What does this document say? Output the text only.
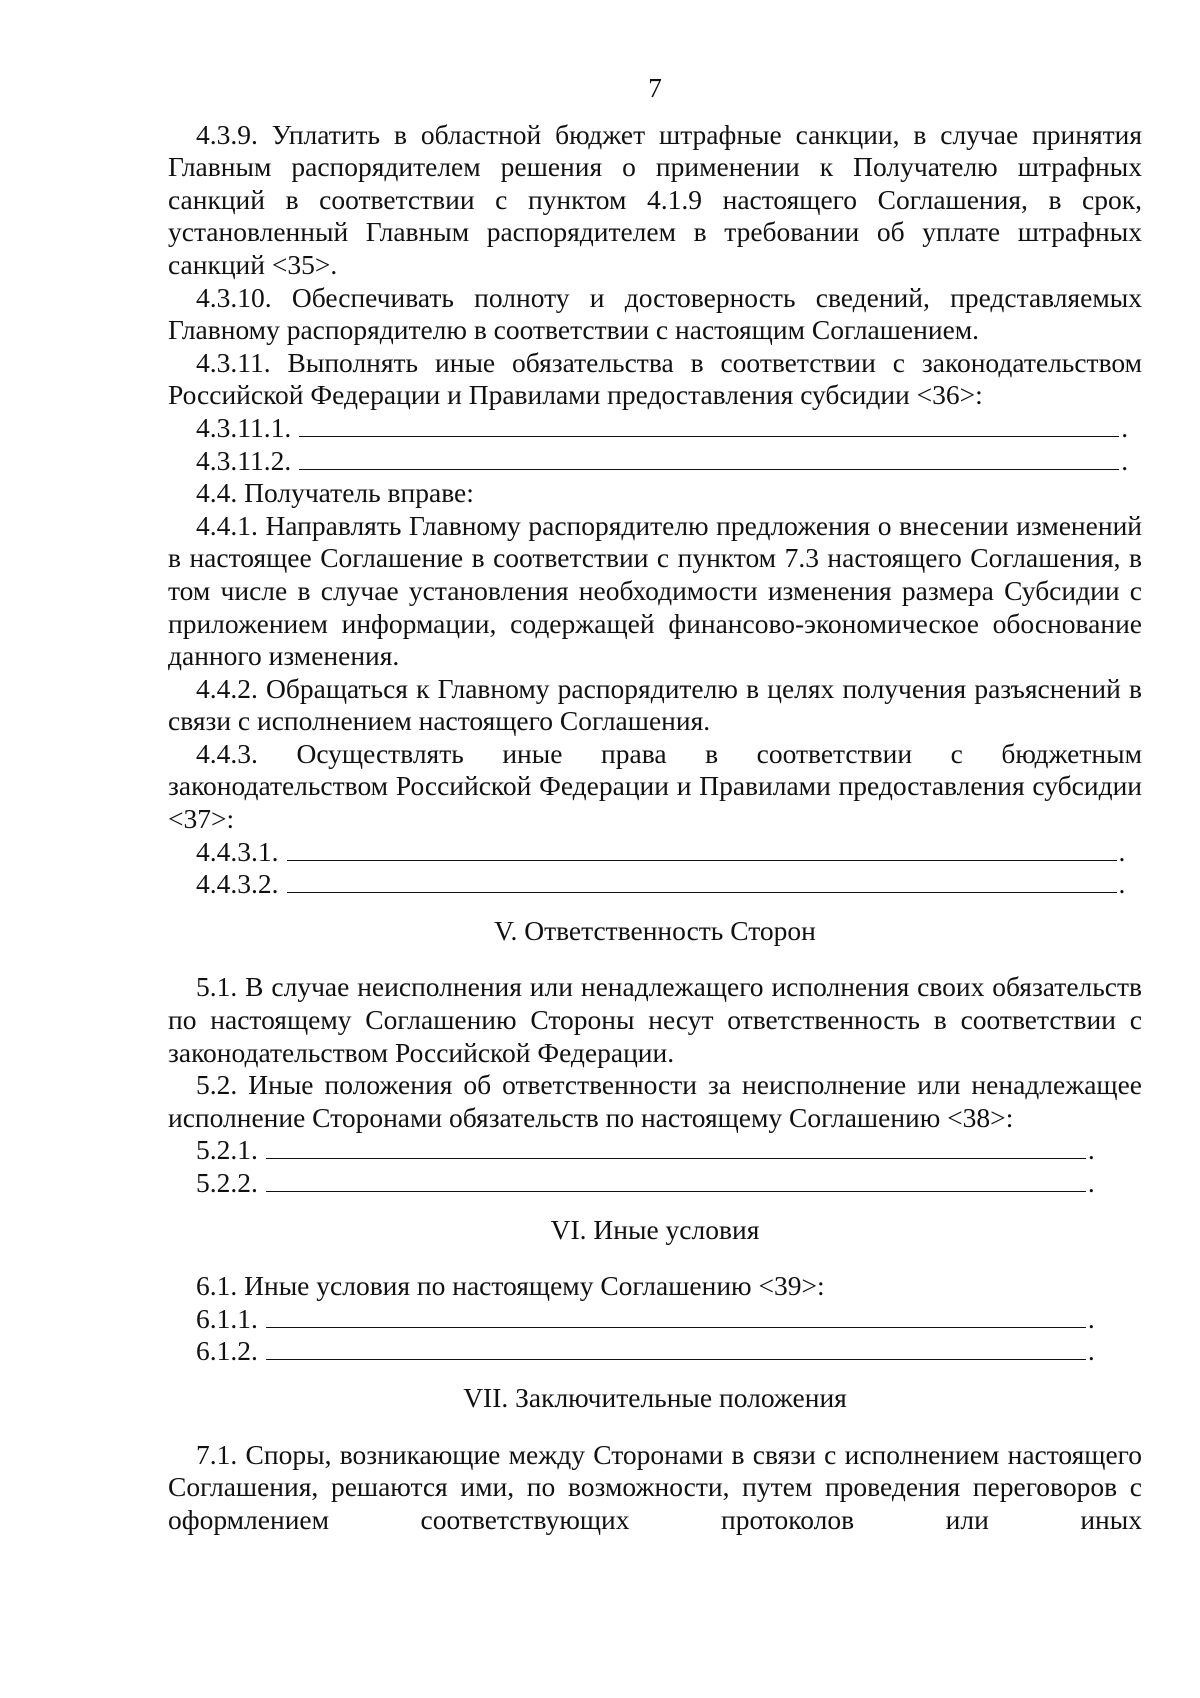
7

4.3.9. Уплатить в областной бюджет штрафные санкции, в случае принятия Главным распорядителем решения о применении к Получателю штрафных санкций в соответствии с пунктом 4.1.9 настоящего Соглашения, в срок, установленный Главным распорядителем в требовании об уплате штрафных санкций <35>.

4.3.10. Обеспечивать полноту и достоверность сведений, представляемых Главному распорядителю в соответствии с настоящим Соглашением.

4.3.11. Выполнять иные обязательства в соответствии с законодательством Российской Федерации и Правилами предоставления субсидии <36>:

4.3.11.1.	.
4.3.11.2.	.

4.4. Получатель вправе:

4.4.1. Направлять Главному распорядителю предложения о внесении изменений в настоящее Соглашение в соответствии с пунктом 7.3 настоящего Соглашения, в том числе в случае установления необходимости изменения размера Субсидии с приложением информации, содержащей финансово-экономическое обоснование данного изменения.

4.4.2. Обращаться к Главному распорядителю в целях получения разъяснений в связи с исполнением настоящего Соглашения.

4.4.3. Осуществлять иные права в соответствии с бюджетным законодательством Российской Федерации и Правилами предоставления субсидии <37>:

4.4.3.1.	.
4.4.3.2.	.
V. Ответственность Сторон

5.1. В случае неисполнения или ненадлежащего исполнения своих обязательств по настоящему Соглашению Стороны несут ответственность в соответствии с законодательством Российской Федерации.

5.2. Иные положения об ответственности за неисполнение или ненадлежащее исполнение Сторонами обязательств по настоящему Соглашению <38>:

5.2.1.	.
5.2.2.	.
VI. Иные условия

6.1. Иные условия по настоящему Соглашению <39>:

6.1.1.	.
6.1.2.	.
VII. Заключительные положения

7.1. Споры, возникающие между Сторонами в связи с исполнением настоящего Соглашения, решаются ими, по возможности, путем проведения переговоров с оформлением соответствующих протоколов или иных
